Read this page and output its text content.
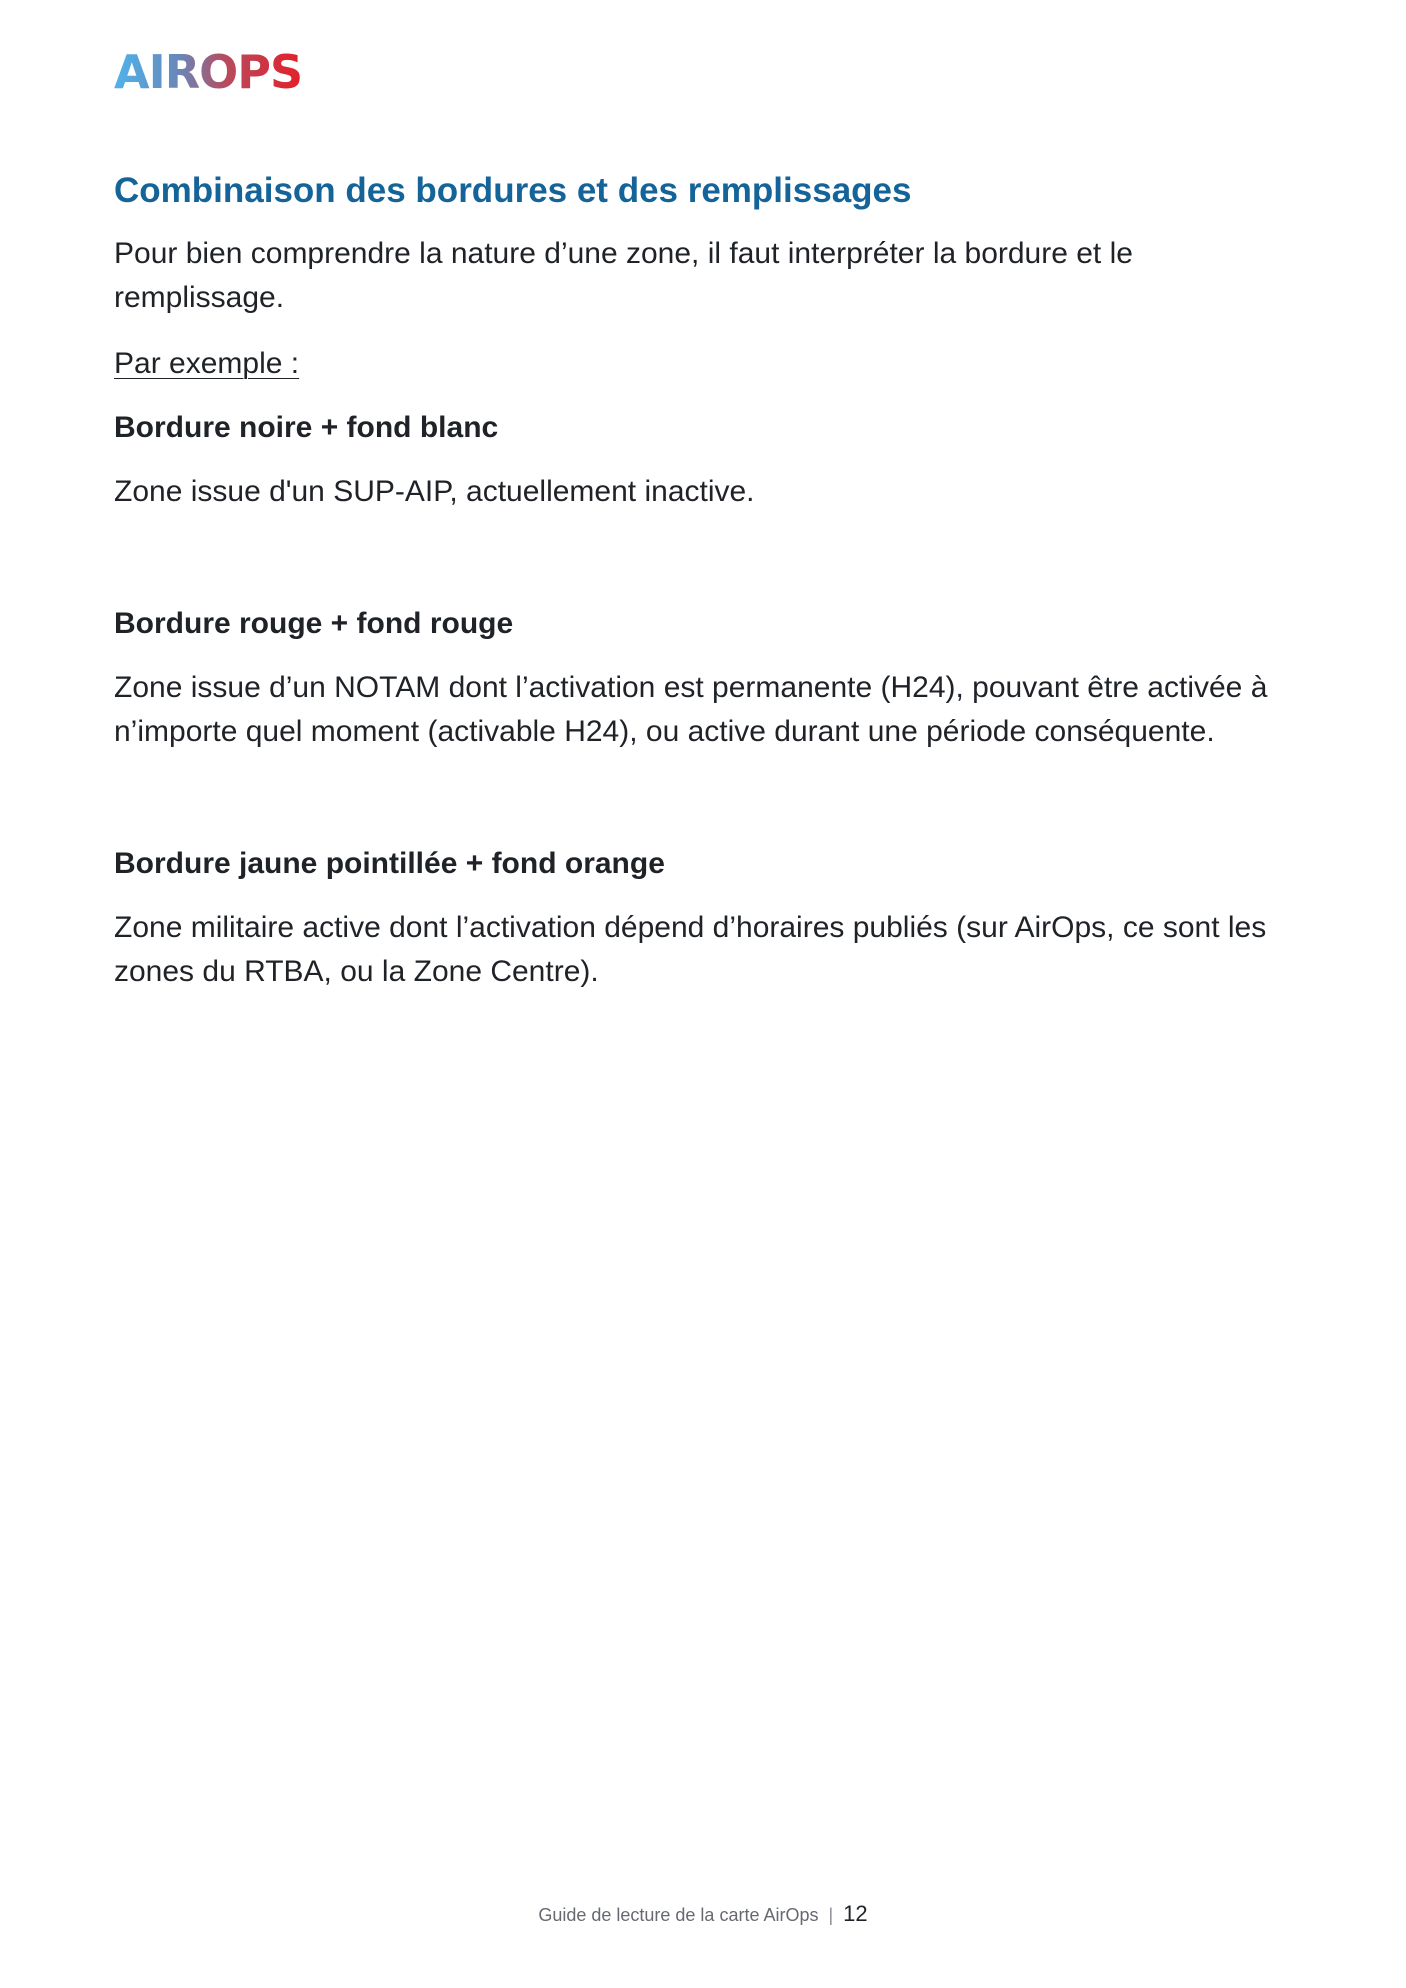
AIROPS
Combinaison des bordures et des remplissages

Pour bien comprendre la nature d’une zone, il faut interpréter la bordure et le remplissage.

Par exemple :

Bordure noire + fond blanc

Zone issue d'un SUP-AIP, actuellement inactive.

Bordure rouge + fond rouge

Zone issue d’un NOTAM dont l’activation est permanente (H24), pouvant être activée à n’importe quel moment (activable H24), ou active durant une période conséquente.

Bordure jaune pointillée + fond orange

Zone militaire active dont l’activation dépend d’horaires publiés (sur AirOps, ce sont les zones du RTBA, ou la Zone Centre).

Guide de lecture de la carte AirOps | 12
